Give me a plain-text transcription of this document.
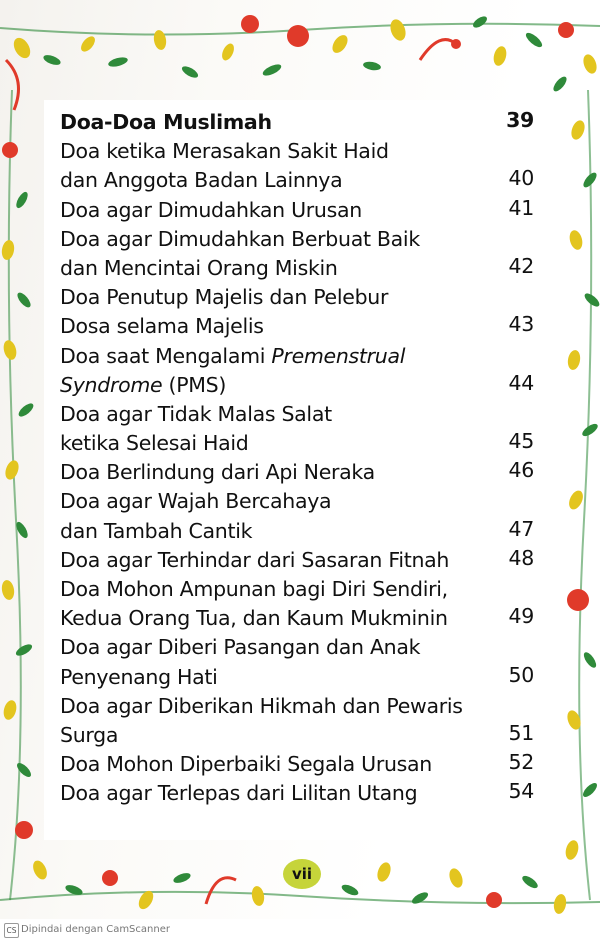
Doa-Doa Muslimah	39
Doa ketika Merasakan Sakit Haid
dan Anggota Badan Lainnya	40
Doa agar Dimudahkan Urusan	41
Doa agar Dimudahkan Berbuat Baik
dan Mencintai Orang Miskin	42
Doa Penutup Majelis dan Pelebur
Dosa selama Majelis	43
Doa saat Mengalami Premenstrual
Syndrome (PMS)	44
Doa agar Tidak Malas Salat
ketika Selesai Haid	45
Doa Berlindung dari Api Neraka	46
Doa agar Wajah Bercahaya
dan Tambah Cantik	47
Doa agar Terhindar dari Sasaran Fitnah	48
Doa Mohon Ampunan bagi Diri Sendiri,
Kedua Orang Tua, dan Kaum Mukminin	49
Doa agar Diberi Pasangan dan Anak
Penyenang Hati	50
Doa agar Diberikan Hikmah dan Pewaris
Surga	51
Doa Mohon Diperbaiki Segala Urusan	52
Doa agar Terlepas dari Lilitan Utang	54
vii
CS Dipindai dengan CamScanner
